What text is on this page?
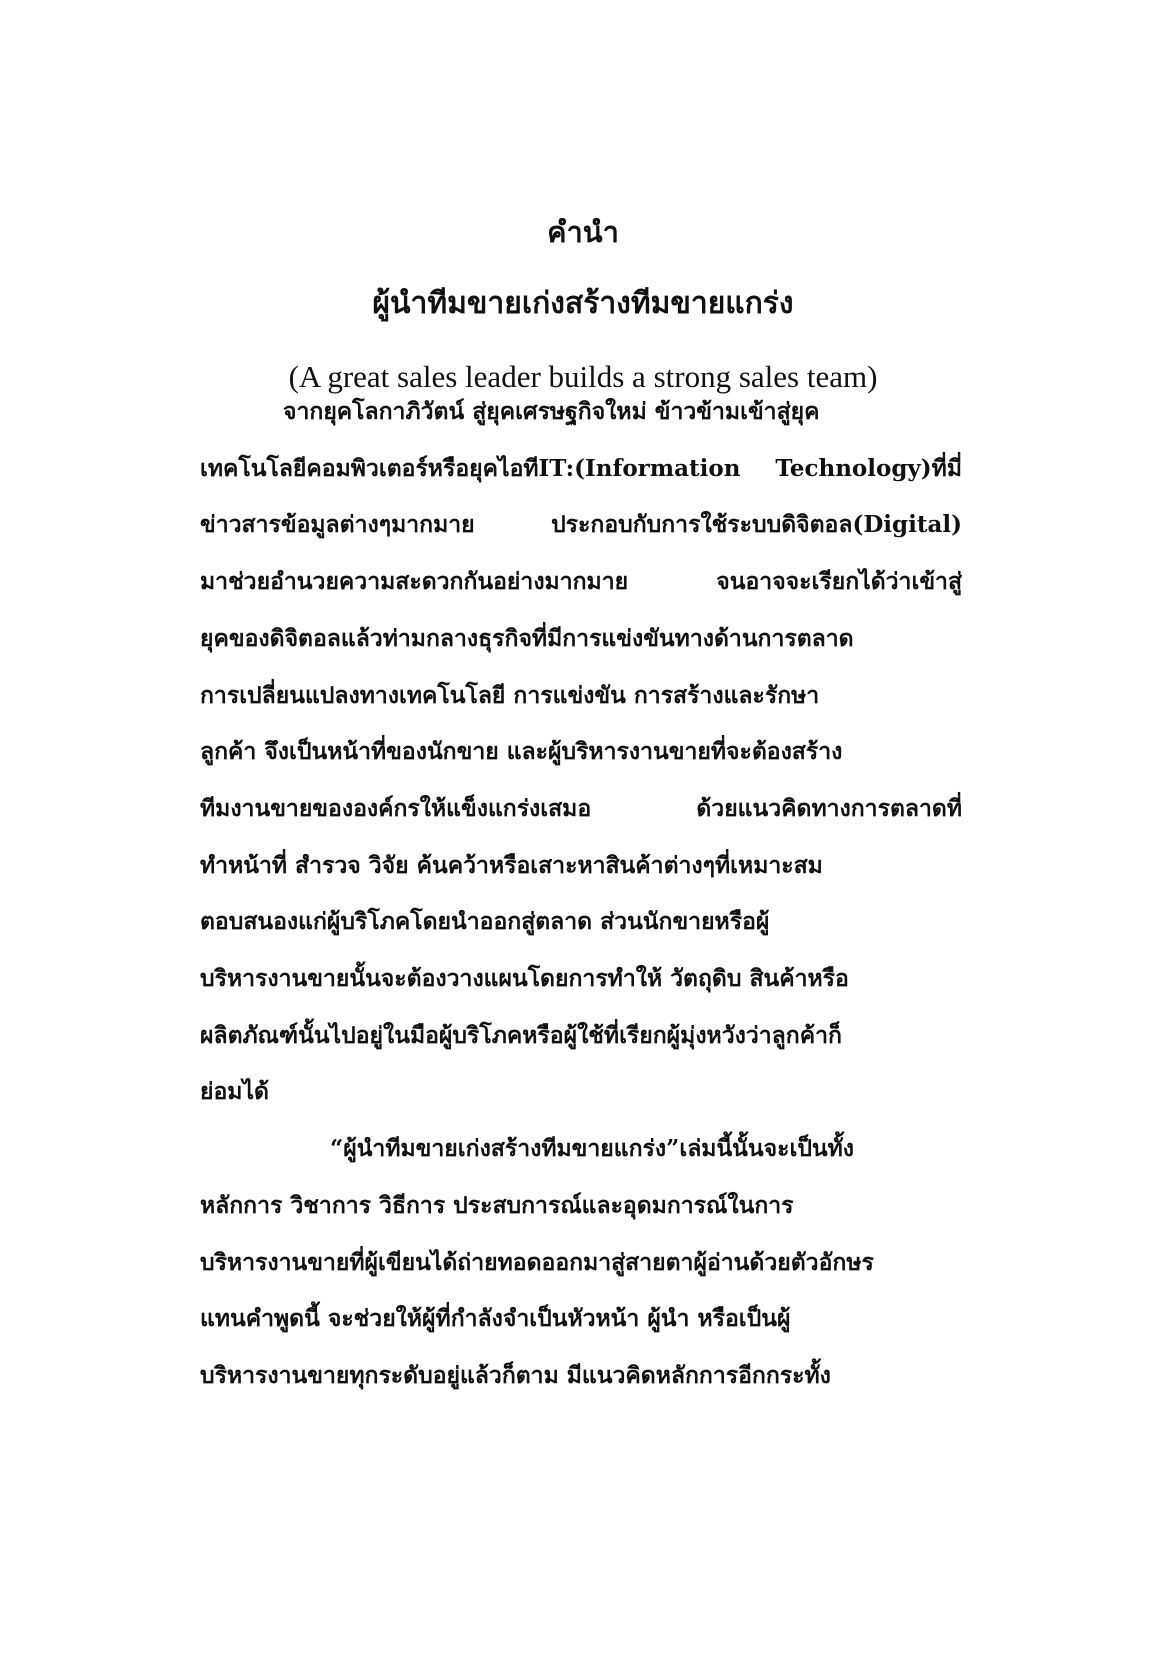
คำนำ
ผู้นำทีมขายเก่งสร้างทีมขายแกร่ง
(A great sales leader builds a strong sales team)
จากยุคโลกาภิวัตน์ สู่ยุคเศรษฐกิจใหม่ ข้าวข้ามเข้าสู่ยุค
เทคโนโลยีคอมพิวเตอร์หรือยุคไอทีIT:(Information Technology)ที่มี่
ข่าวสารข้อมูลต่างๆมากมาย ประกอบกับการใช้ระบบดิจิตอล(Digital)
มาช่วยอำนวยความสะดวกกันอย่างมากมาย จนอาจจะเรียกได้ว่าเข้าสู่
ยุคของดิจิตอลแล้วท่ามกลางธุรกิจที่มีการแข่งขันทางด้านการตลาด
การเปลี่ยนแปลงทางเทคโนโลยี การแข่งขัน การสร้างและรักษา
ลูกค้า จึงเป็นหน้าที่ของนักขาย และผู้บริหารงานขายที่จะต้องสร้าง
ทีมงานขายขององค์กรให้แข็งแกร่งเสมอ ด้วยแนวคิดทางการตลาดที่
ทำหน้าที่ สำรวจ วิจัย ค้นคว้าหรือเสาะหาสินค้าต่างๆที่เหมาะสม
ตอบสนองแก่ผู้บริโภคโดยนำออกสู่ตลาด ส่วนนักขายหรือผู้
บริหารงานขายนั้นจะต้องวางแผนโดยการทำให้ วัตถุดิบ สินค้าหรือ
ผลิตภัณฑ์นั้นไปอยู่ในมือผู้บริโภคหรือผู้ใช้ที่เรียกผู้มุ่งหวังว่าลูกค้าก็
ย่อมได้
“ผู้นำทีมขายเก่งสร้างทีมขายแกร่ง”เล่มนี้นั้นจะเป็นทั้ง
หลักการ วิชาการ วิธีการ ประสบการณ์และอุดมการณ์ในการ
บริหารงานขายที่ผู้เขียนได้ถ่ายทอดออกมาสู่สายตาผู้อ่านด้วยตัวอักษร
แทนคำพูดนี้ จะช่วยให้ผู้ที่กำลังจำเป็นหัวหน้า ผู้นำ หรือเป็นผู้
บริหารงานขายทุกระดับอยู่แล้วก็ตาม มีแนวคิดหลักการอีกกระทั้ง
